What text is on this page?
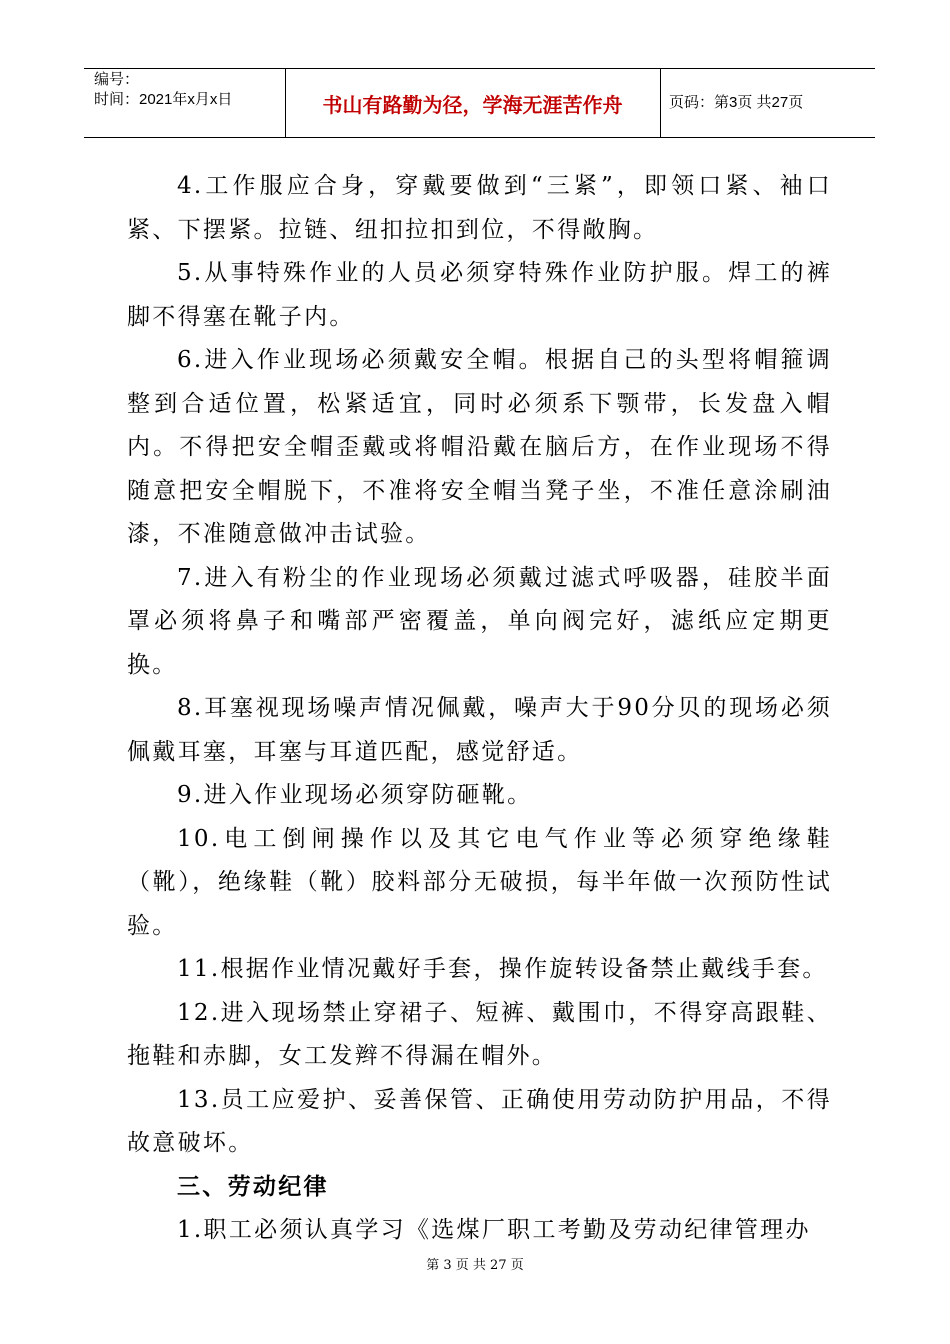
编号：
时间：2021年x月x日	书山有路勤为径，学海无涯苦作舟	页码：第3页 共27页

4.工作服应合身，穿戴要做到“三紧”，即领口紧、袖口紧、下摆紧。拉链、纽扣拉扣到位，不得敞胸。

5.从事特殊作业的人员必须穿特殊作业防护服。焊工的裤脚不得塞在靴子内。

6.进入作业现场必须戴安全帽。根据自己的头型将帽箍调整到合适位置，松紧适宜，同时必须系下颚带，长发盘入帽内。不得把安全帽歪戴或将帽沿戴在脑后方，在作业现场不得随意把安全帽脱下，不准将安全帽当凳子坐，不准任意涂刷油漆，不准随意做冲击试验。

7.进入有粉尘的作业现场必须戴过滤式呼吸器，硅胶半面罩必须将鼻子和嘴部严密覆盖，单向阀完好，滤纸应定期更换。

8.耳塞视现场噪声情况佩戴，噪声大于90分贝的现场必须佩戴耳塞，耳塞与耳道匹配，感觉舒适。

9.进入作业现场必须穿防砸靴。

10.电工倒闸操作以及其它电气作业等必须穿绝缘鞋（靴），绝缘鞋（靴）胶料部分无破损，每半年做一次预防性试验。

11.根据作业情况戴好手套，操作旋转设备禁止戴线手套。

12.进入现场禁止穿裙子、短裤、戴围巾，不得穿高跟鞋、拖鞋和赤脚，女工发辫不得漏在帽外。

13.员工应爱护、妥善保管、正确使用劳动防护用品，不得故意破坏。

三、劳动纪律

1.职工必须认真学习《选煤厂职工考勤及劳动纪律管理办

第 3 页 共 27 页
